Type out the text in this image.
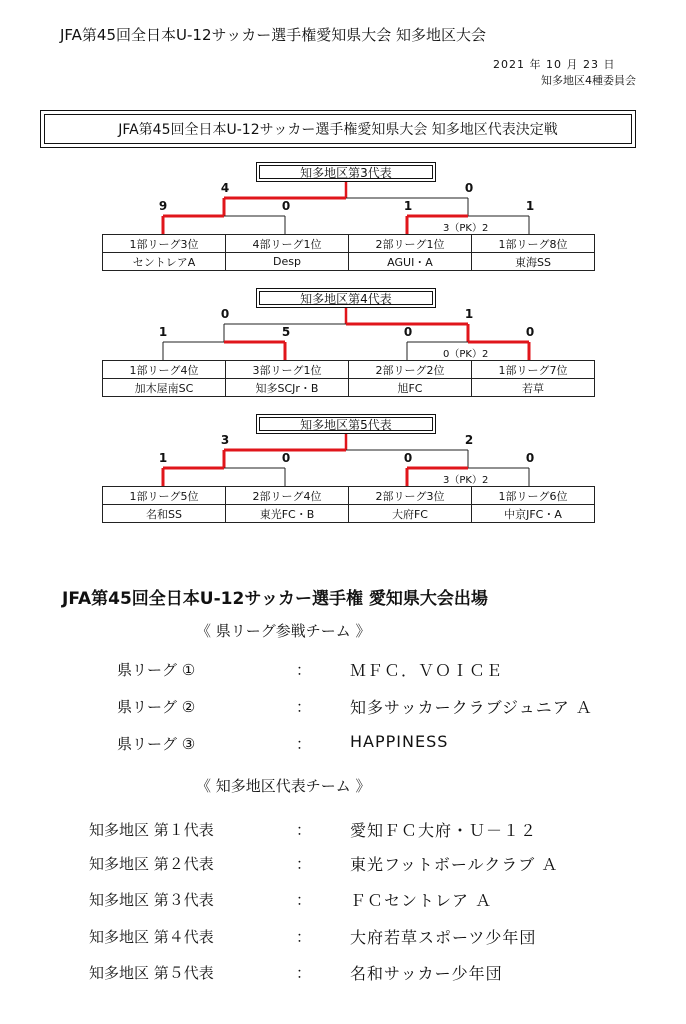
JFA第45回全日本U-12サッカー選手権愛知県大会 知多地区大会
2021 年 10 月 23 日
知多地区4種委員会
JFA第45回全日本U-12サッカー選手権愛知県大会 知多地区代表決定戦
知多地区第3代表
4	0
9	0	1	1
3（PK）2
1部リーグ3位	4部リーグ1位	2部リーグ1位	1部リーグ8位
セントレアA	Desp	AGUI・A	東海SS
知多地区第4代表
0	1
1	5	0	0
0（PK）2
1部リーグ4位	3部リーグ1位	2部リーグ2位	1部リーグ7位
加木屋南SC	知多SCJr・B	旭FC	若草
知多地区第5代表
3	2
1	0	0	0
3（PK）2
1部リーグ5位	2部リーグ4位	2部リーグ3位	1部リーグ6位
名和SS	東光FC・B	大府FC	中京JFC・A
JFA第45回全日本U-12サッカー選手権 愛知県大会出場
《 県リーグ参戦チーム 》
県リーグ ①	： ＭＦＣ．ＶＯＩＣＥ
県リーグ ②	： 知多サッカークラブジュニア Ａ
県リーグ ③	： HAPPINESS
《 知多地区代表チーム 》
知多地区 第１代表	： 愛知ＦＣ大府・Ｕ－１２
知多地区 第２代表	： 東光フットボールクラブ Ａ
知多地区 第３代表	： ＦＣセントレア Ａ
知多地区 第４代表	： 大府若草スポーツ少年団
知多地区 第５代表	： 名和サッカー少年団
